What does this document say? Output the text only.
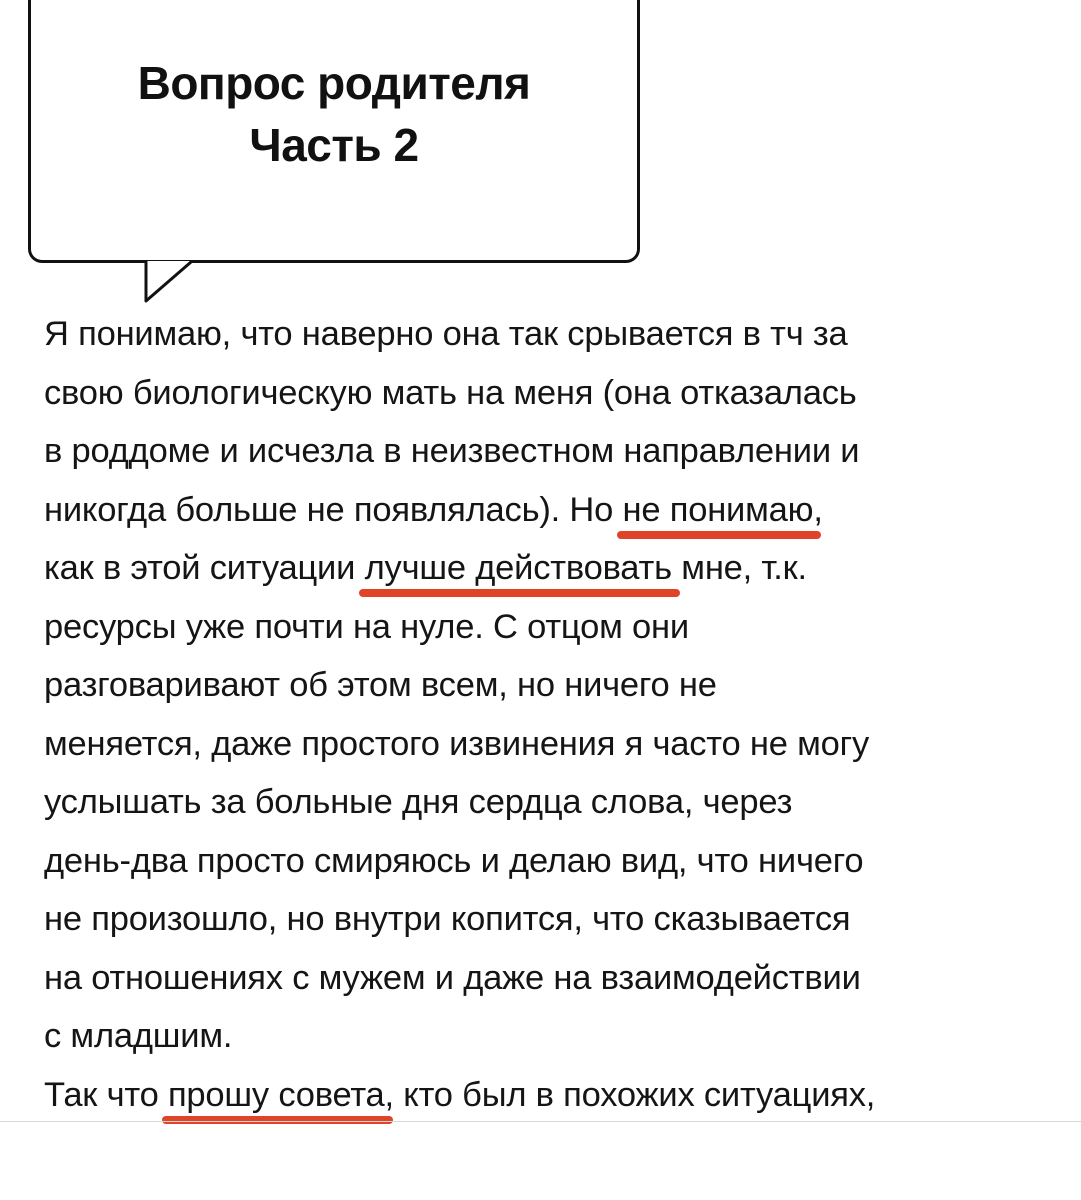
Вопрос родителя
Часть 2
Я понимаю, что наверно она так срывается в тч за
свою биологическую мать на меня (она отказалась
в роддоме и исчезла в неизвестном направлении и
никогда больше не появлялась). Но не понимаю
,
как в этой ситуации лучше действовать
мне, т.к.
ресурсы уже почти на нуле. С отцом они
разговаривают об этом всем, но ничего не
меняется, даже простого извинения я часто не могу
услышать за больные дня сердца слова, через
день-два просто смиряюсь и делаю вид, что ничего
не произошло, но внутри копится, что сказывается
на отношениях с мужем и даже на взаимодействии
с младшим.
Так что прошу совета
, кто был в похожих ситуациях,
